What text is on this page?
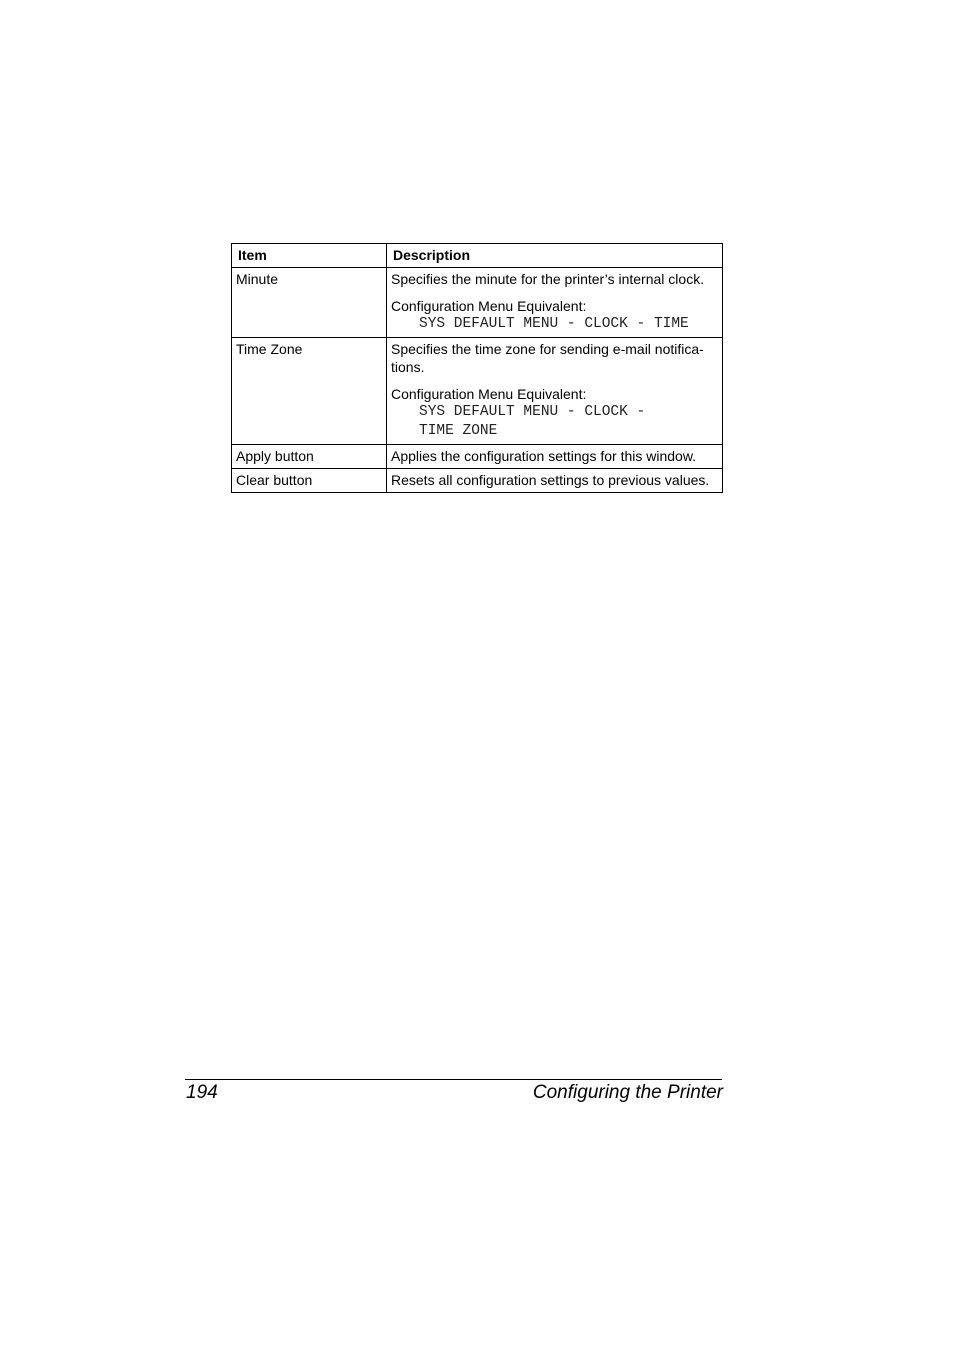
Item	Description
Minute	Specifies the minute for the printer’s internal clock.

Configuration Menu Equivalent:

SYS DEFAULT MENU - CLOCK - TIME

Time Zone	Specifies the time zone for sending e-mail notifica-tions.

Configuration Menu Equivalent:

SYS DEFAULT MENU - CLOCK -
TIME ZONE

Apply button	Applies the configuration settings for this window.
Clear button	Resets all configuration settings to previous values.
194	Configuring the Printer
